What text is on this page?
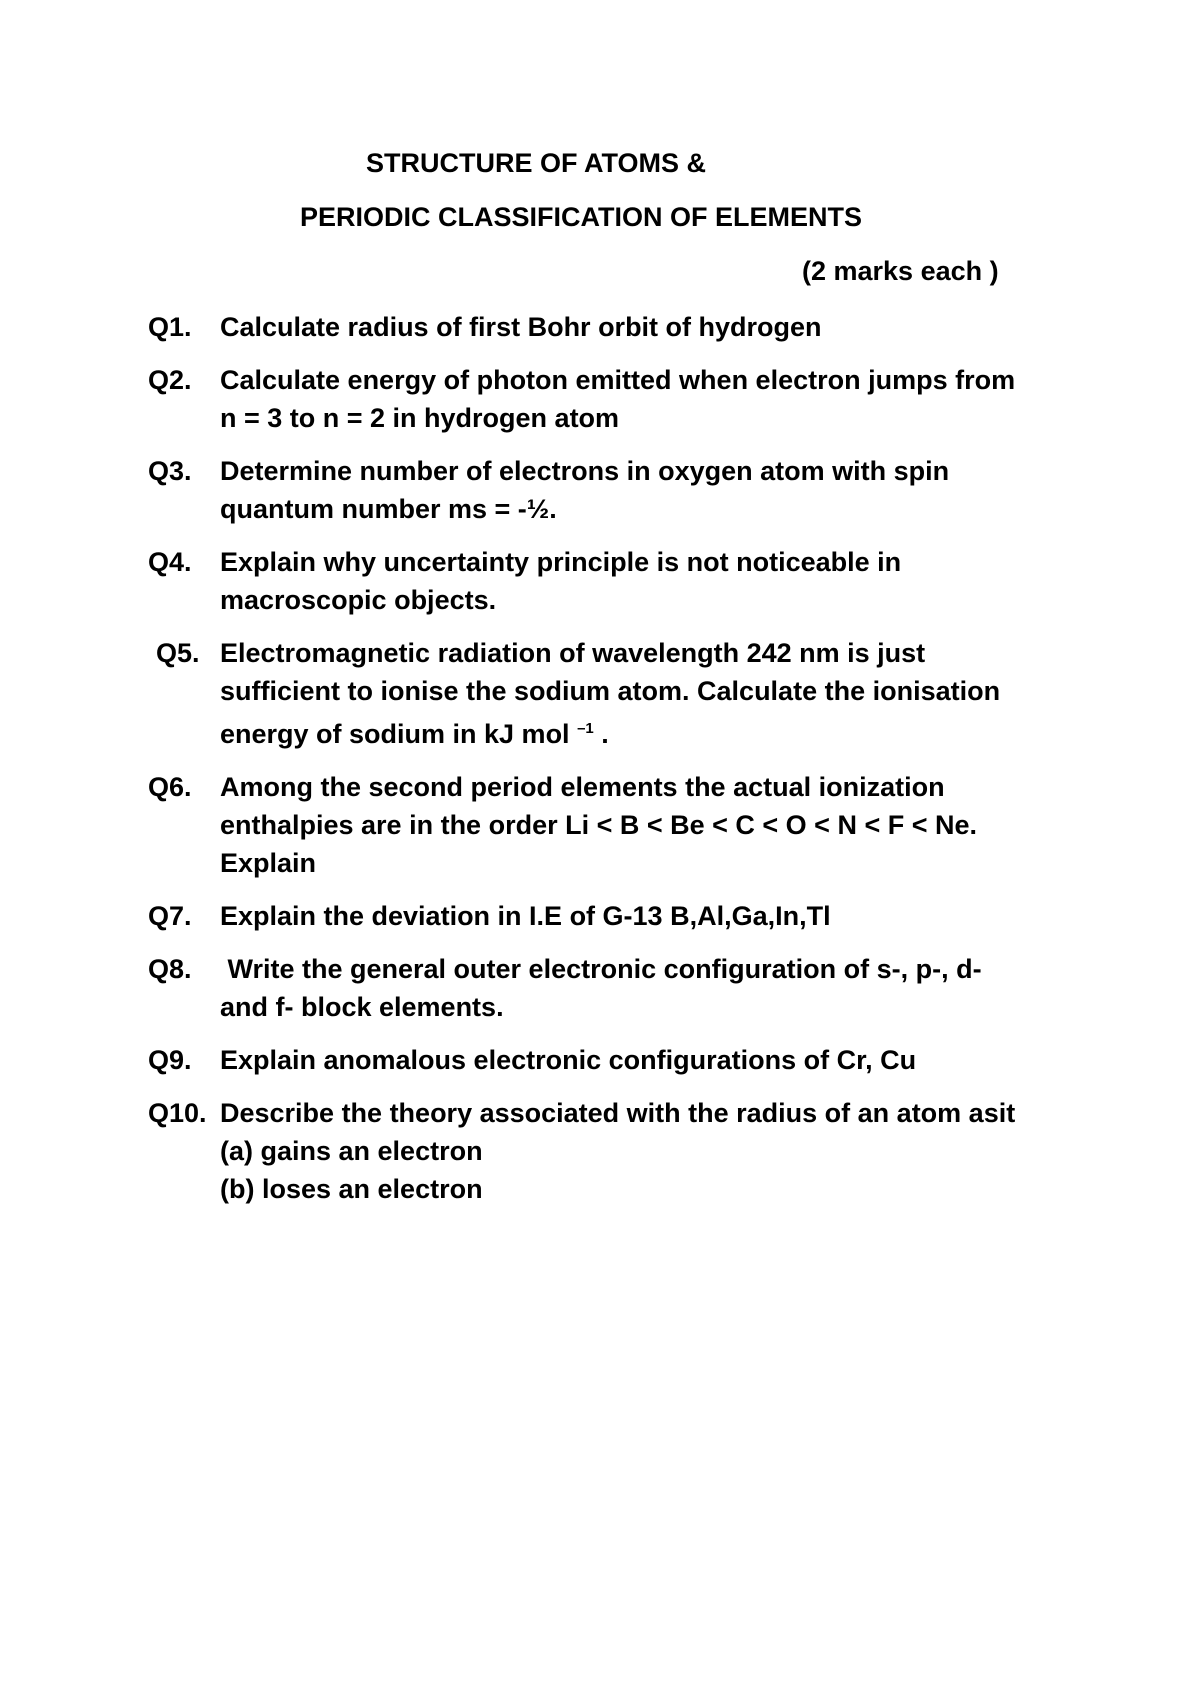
STRUCTURE OF ATOMS &
PERIODIC CLASSIFICATION OF ELEMENTS
(2 marks each )
Q1.	Calculate radius of first Bohr orbit of hydrogen
Q2.	Calculate energy of photon emitted when electron jumps from
n = 3 to n = 2 in hydrogen atom
Q3.	Determine number of electrons in oxygen atom with spin
quantum number ms = -½.
Q4.	Explain why uncertainty principle is not noticeable in
macroscopic objects.
Q5. Electromagnetic radiation of wavelength 242 nm is just
sufficient to ionise the sodium atom. Calculate the ionisation
energy of sodium in kJ mol $^{-1}$ .
Q6.	Among the second period elements the actual ionization
enthalpies are in the order Li < B < Be < C < O < N < F < Ne.
Explain
Q7.	Explain the deviation in I.E of G-13 B,Al,Ga,In,Tl
Q8.	Write the general outer electronic configuration of s-, p-, d-
and f- block elements.
Q9.	Explain anomalous electronic configurations of Cr, Cu
Q10. Describe the theory associated with the radius of an atom asit
(a) gains an electron
(b) loses an electron
